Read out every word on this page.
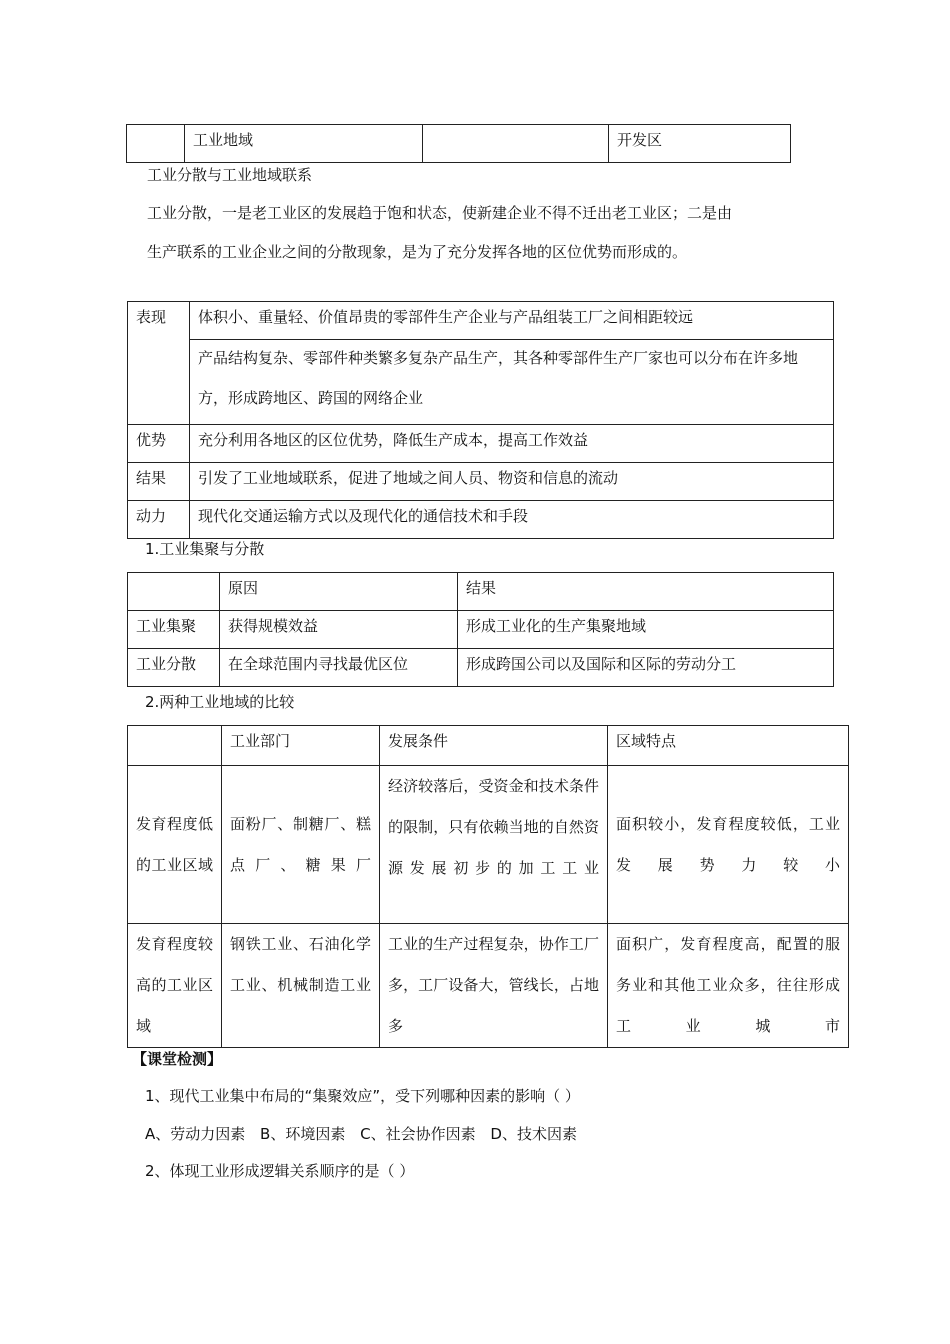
	工业地域		开发区
工业分散与工业地域联系
工业分散，一是老工业区的发展趋于饱和状态，使新建企业不得不迁出老工业区；二是由
生产联系的工业企业之间的分散现象，是为了充分发挥各地的区位优势而形成的。
表现	体积小、重量轻、价值昂贵的零部件生产企业与产品组装工厂之间相距较远

	产品结构复杂、零部件种类繁多复杂产品生产，其各种零部件生产厂家也可以分布在许多地方，形成跨地区、跨国的网络企业

优势	充分利用各地区的区位优势，降低生产成本，提高工作效益
结果	引发了工业地域联系，促进了地域之间人员、物资和信息的流动
动力	现代化交通运输方式以及现代化的通信技术和手段
1.工业集聚与分散
	原因	结果
工业集聚	获得规模效益	形成工业化的生产集聚地域
工业分散	在全球范围内寻找最优区位	形成跨国公司以及国际和区际的劳动分工
2.两种工业地域的比较
	工业部门	发展条件	区域特点

发育程度低的工业区域	面粉厂、制糖厂、糕点厂、糖果厂	经济较落后，受资金和技术条件的限制，只有依赖当地的自然资源发展初步的加工工业	面积较小，发育程度较低，工业发展势力较小

发育程度较高的工业区域	钢铁工业、石油化学工业、机械制造工业	工业的生产过程复杂，协作工厂多，工厂设备大，管线长，占地多	面积广，发育程度高，配置的服务业和其他工业众多，往往形成工业城市
【课堂检测】
1、现代工业集中布局的“集聚效应”，受下列哪种因素的影响（ ）
A、劳动力因素 B、环境因素 C、社会协作因素 D、技术因素
2、体现工业形成逻辑关系顺序的是（ ）
